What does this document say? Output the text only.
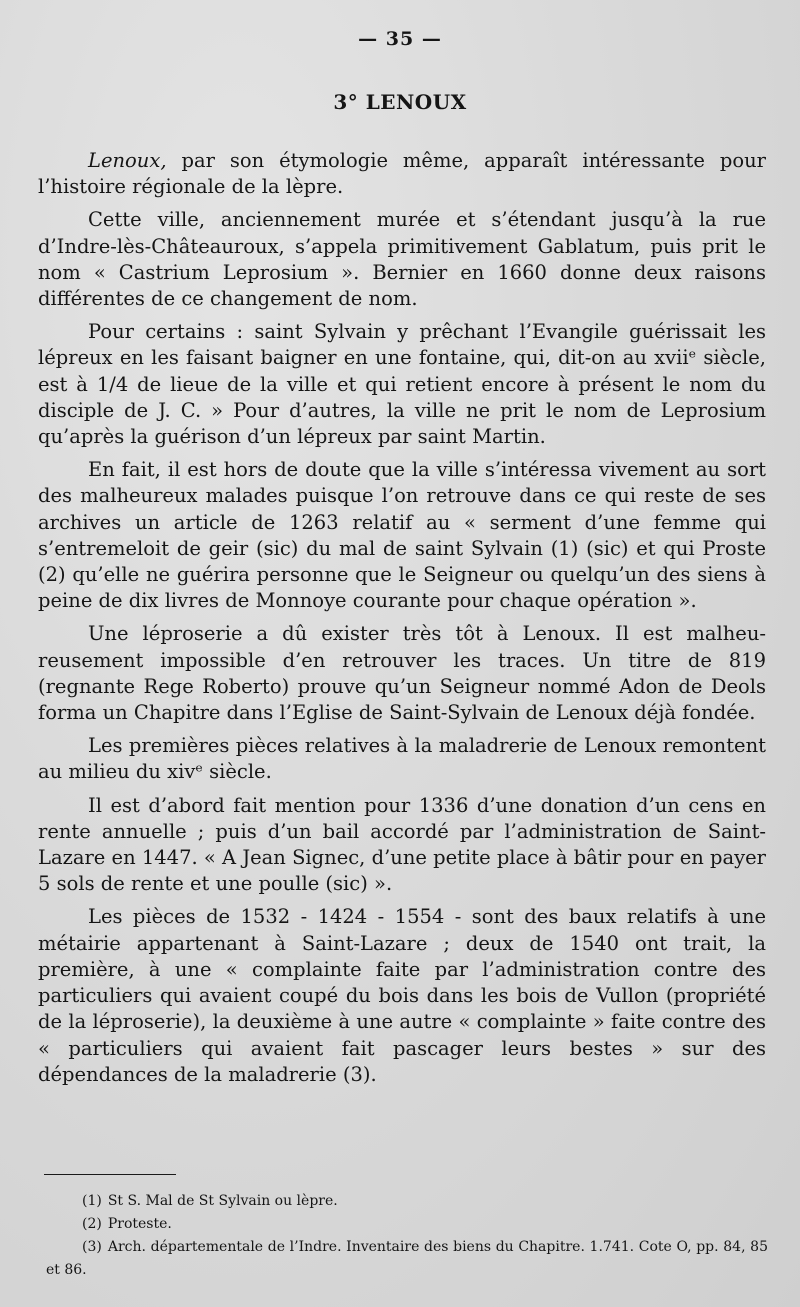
— 35 —
3° LENOUX

Lenoux, par son étymologie même, apparaît intéressante pour l’histoire régionale de la lèpre.

Cette ville, anciennement murée et s’étendant jusqu’à la rue d’Indre-lès-Châteauroux, s’appela primitivement Gablatum, puis prit le nom « Castrium Leprosium ». Bernier en 1660 donne deux raisons différentes de ce changement de nom.

Pour certains : saint Sylvain y prêchant l’Evangile guérissait les lépreux en les faisant baigner en une fontaine, qui, dit-on au xviiᵉ siècle, est à 1/4 de lieue de la ville et qui retient encore à présent le nom du disciple de J. C. » Pour d’autres, la ville ne prit le nom de Leprosium qu’après la guérison d’un lépreux par saint Martin.

En fait, il est hors de doute que la ville s’intéressa vivement au sort des malheureux malades puisque l’on retrouve dans ce qui reste de ses archives un article de 1263 relatif au « serment d’une femme qui s’entremeloit de geir (sic) du mal de saint Sylvain (1) (sic) et qui Proste (2) qu’elle ne guérira personne que le Seigneur ou quelqu’un des siens à peine de dix livres de Monnoye courante pour chaque opération ».

Une léproserie a dû exister très tôt à Lenoux. Il est malheureusement impossible d’en retrouver les traces. Un titre de 819 (regnante Rege Roberto) prouve qu’un Seigneur nommé Adon de Deols forma un Chapitre dans l’Eglise de Saint-Sylvain de Lenoux déjà fondée.

Les premières pièces relatives à la maladrerie de Lenoux remontent au milieu du xivᵉ siècle.

Il est d’abord fait mention pour 1336 d’une donation d’un cens en rente annuelle ; puis d’un bail accordé par l’administration de Saint-Lazare en 1447. « A Jean Signec, d’une petite place à bâtir pour en payer 5 sols de rente et une poulle (sic) ».

Les pièces de 1532 - 1424 - 1554 - sont des baux relatifs à une métairie appartenant à Saint-Lazare ; deux de 1540 ont trait, la première, à une « complainte faite par l’administration contre des particuliers qui avaient coupé du bois dans les bois de Vullon (propriété de la léproserie), la deuxième à une autre « complainte » faite contre des « particuliers qui avaient fait pascager leurs bestes » sur des dépendances de la maladrerie (3).

(1) St S. Mal de St Sylvain ou lèpre.

(2) Proteste.

(3) Arch. départementale de l’Indre. Inventaire des biens du Chapitre. 1.741. Cote O, pp. 84, 85 et 86.
